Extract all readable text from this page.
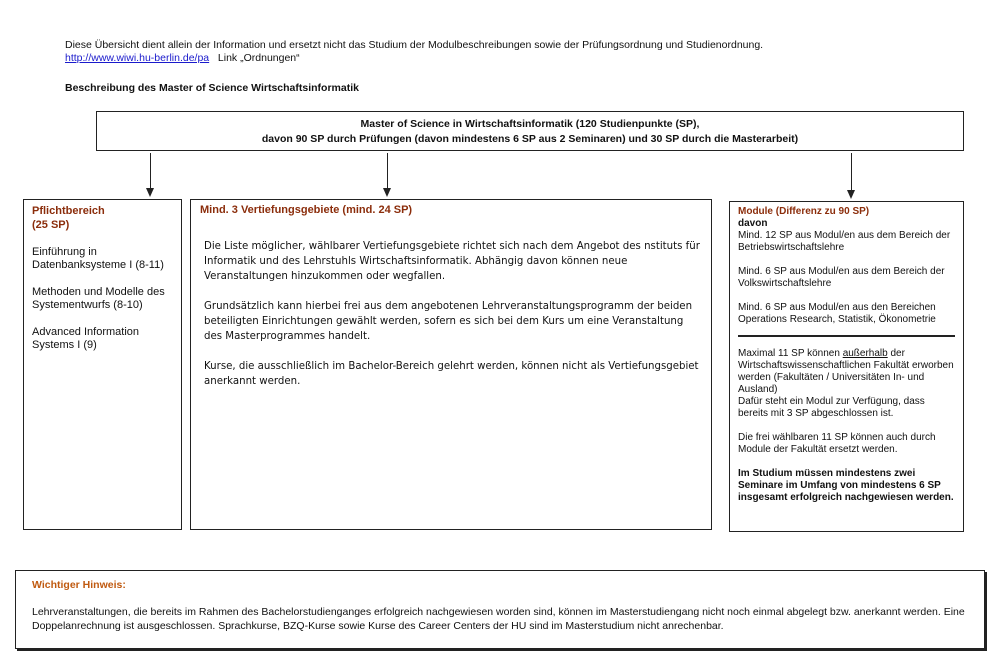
Diese Übersicht dient allein der Information und ersetzt nicht das Studium der Modulbeschreibungen sowie der Prüfungsordnung und Studienordnung.
http://www.wiwi.hu-berlin.de/pa Link „Ordnungen“
Beschreibung des Master of Science Wirtschaftsinformatik
Master of Science in Wirtschaftsinformatik (120 Studienpunkte (SP),
davon 90 SP durch Prüfungen (davon mindestens 6 SP aus 2 Seminaren) und 30 SP durch die Masterarbeit)
Pflichtbereich
(25 SP)
Einführung in Datenbanksysteme I (8-11)
Methoden und Modelle des Systementwurfs (8-10)
Advanced Information Systems I (9)
Mind. 3 Vertiefungsgebiete (mind. 24 SP)

Die Liste möglicher, wählbarer Vertiefungsgebiete richtet sich nach dem Angebot des nstituts für Informatik und des Lehrstuhls Wirtschaftsinformatik. Abhängig davon können neue Veranstaltungen hinzukommen oder wegfallen.

Grundsätzlich kann hierbei frei aus dem angebotenen Lehrveranstaltungsprogramm der beiden beteiligten Einrichtungen gewählt werden, sofern es sich bei dem Kurs um eine Veranstaltung des Masterprogrammes handelt.

Kurse, die ausschließlich im Bachelor-Bereich gelehrt werden, können nicht als Vertiefungsgebiet anerkannt werden.

Module (Differenz zu 90 SP)
davon
Mind. 12 SP aus Modul/en aus dem Bereich der Betriebswirtschaftslehre
Mind. 6 SP aus Modul/en aus dem Bereich der Volkswirtschaftslehre
Mind. 6 SP aus Modul/en aus den Bereichen Operations Research, Statistik, Ökonometrie
Maximal 11 SP können außerhalb der Wirtschaftswissenschaftlichen Fakultät erworben werden (Fakultäten / Universitäten In- und Ausland)
Dafür steht ein Modul zur Verfügung, dass bereits mit 3 SP abgeschlossen ist.
Die frei wählbaren 11 SP können auch durch Module der Fakultät ersetzt werden.
Im Studium müssen mindestens zwei Seminare im Umfang von mindestens 6 SP insgesamt erfolgreich nachgewiesen werden.
Wichtiger Hinweis:
Lehrveranstaltungen, die bereits im Rahmen des Bachelorstudienganges erfolgreich nachgewiesen worden sind, können im Masterstudiengang nicht noch einmal abgelegt bzw. anerkannt werden. Eine Doppelanrechnung ist ausgeschlossen. Sprachkurse, BZQ-Kurse sowie Kurse des Career Centers der HU sind im Masterstudium nicht anrechenbar.
